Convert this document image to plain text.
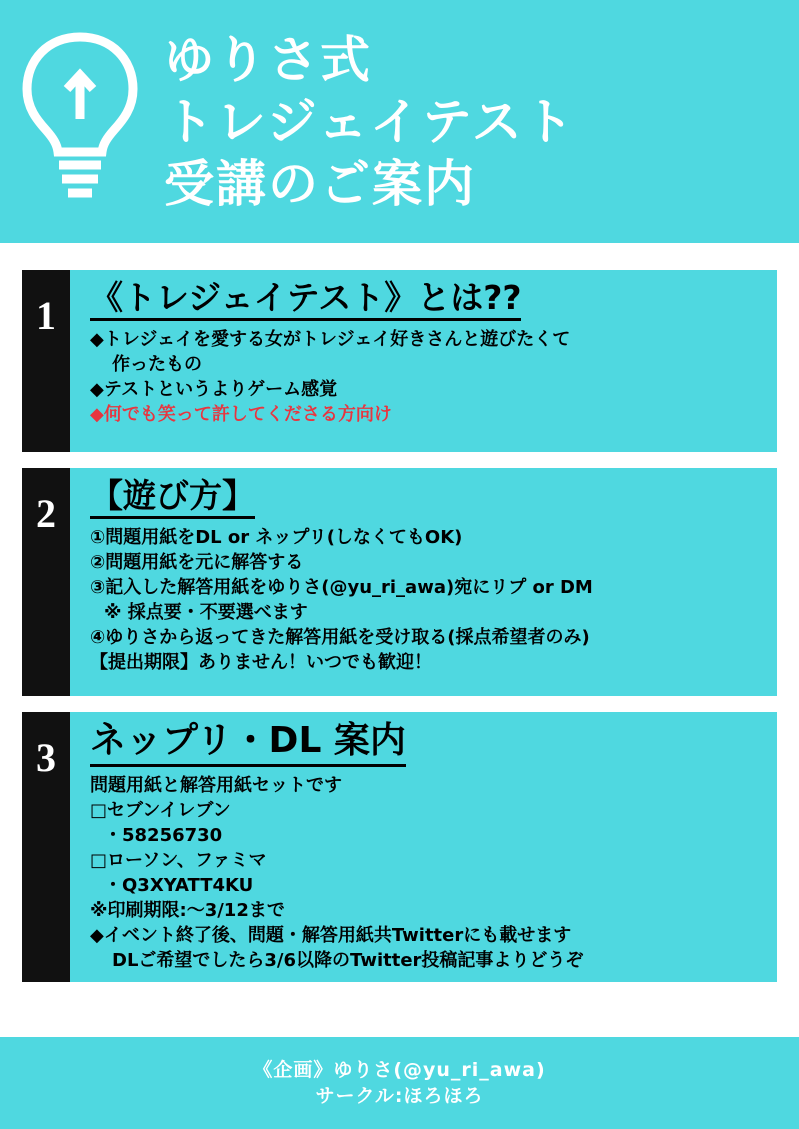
ゆりさ式
トレジェイテスト
受講のご案内
1	《トレジェイテスト》とは??
◆トレジェイを愛する女がトレジェイ好きさんと遊びたくて
作ったもの
◆テストというよりゲーム感覚
◆何でも笑って許してくださる方向け
2	【遊び方】
①問題用紙をDL or ネップリ(しなくてもOK)
②問題用紙を元に解答する
③記入した解答用紙をゆりさ(@yu_ri_awa)宛にリプ or DM
※ 採点要・不要選べます
④ゆりさから返ってきた解答用紙を受け取る(採点希望者のみ)
【提出期限】ありません！いつでも歓迎！
3 ネップリ・DL 案内
問題用紙と解答用紙セットです
□セブンイレブン
・58256730
□ローソン、ファミマ
・Q3XYATT4KU
※印刷期限:〜3/12まで
◆イベント終了後、問題・解答用紙共Twitterにも載せます
DLご希望でしたら3/6以降のTwitter投稿記事よりどうぞ
《企画》ゆりさ(@yu_ri_awa)
サークル:ほろほろ
